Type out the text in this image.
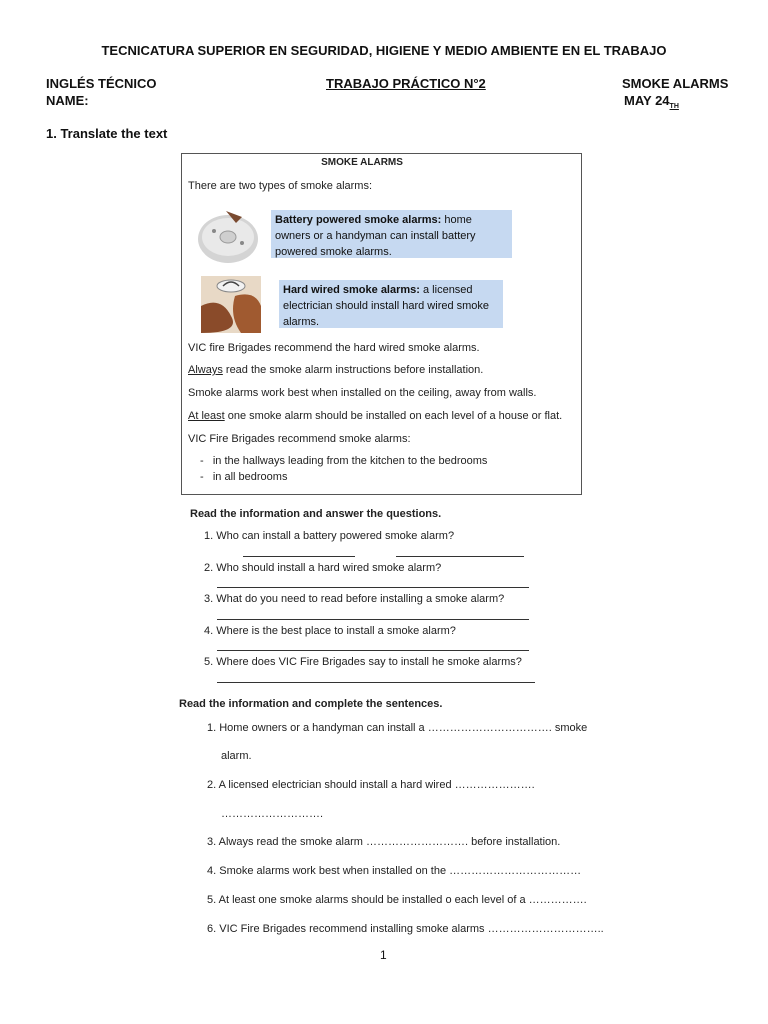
TECNICATURA SUPERIOR EN SEGURIDAD, HIGIENE Y MEDIO AMBIENTE EN EL TRABAJO
INGLÉS TÉCNICO
NAME:
TRABAJO PRÁCTICO N°2	SMOKE ALARMS
MAY $24_{TH}$
1. Translate the text
SMOKE ALARMS
There are two types of smoke alarms:
Battery powered smoke alarms: home owners or a handyman can install battery powered smoke alarms.
Hard wired smoke alarms: a licensed electrician should install hard wired smoke alarms.
VIC fire Brigades recommend the hard wired smoke alarms.
Always read the smoke alarm instructions before installation.
Smoke alarms work best when installed on the ceiling, away from walls.
At least one smoke alarm should be installed on each level of a house or flat.
VIC Fire Brigades recommend smoke alarms:
-   in the hallways leading from the kitchen to the bedrooms
-   in all bedrooms
Read the information and answer the questions.
1. Who can install a battery powered smoke alarm?
2. Who should install a hard wired smoke alarm?
3. What do you need to read before installing a smoke alarm?
4. Where is the best place to install a smoke alarm?
5. Where does VIC Fire Brigades say to install he smoke alarms?
Read the information and complete the sentences.
1. Home owners or a handyman can install a ……………………………. smoke
alarm.
2. A licensed electrician should install a hard wired ………………….
……………………….
3. Always read the smoke alarm ………………………. before installation.
4. Smoke alarms work best when installed on the ………………………………
5. At least one smoke alarms should be installed o each level of a …………….
6. VIC Fire Brigades recommend installing smoke alarms …………………………..
1
